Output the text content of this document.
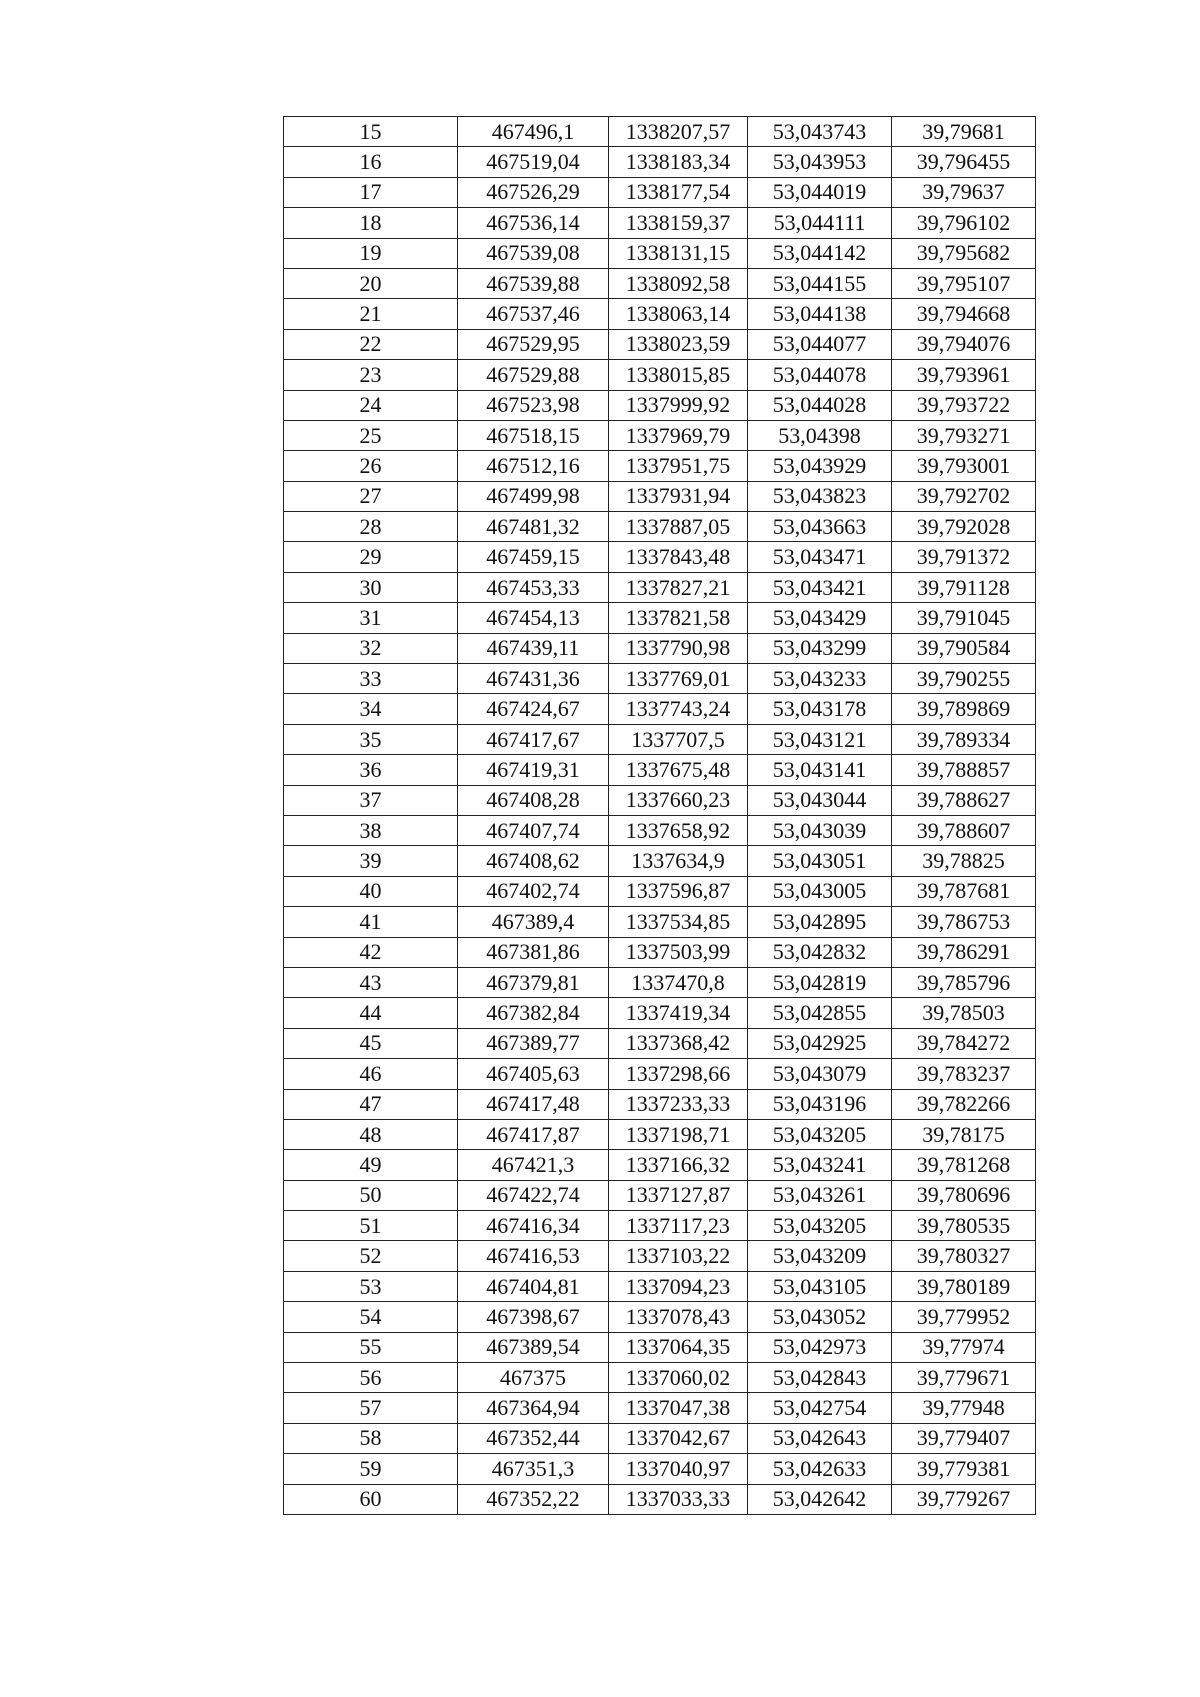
15	467496,1	1338207,57	53,043743	39,79681
16	467519,04	1338183,34	53,043953	39,796455
17	467526,29	1338177,54	53,044019	39,79637
18	467536,14	1338159,37	53,044111	39,796102
19	467539,08	1338131,15	53,044142	39,795682
20	467539,88	1338092,58	53,044155	39,795107
21	467537,46	1338063,14	53,044138	39,794668
22	467529,95	1338023,59	53,044077	39,794076
23	467529,88	1338015,85	53,044078	39,793961
24	467523,98	1337999,92	53,044028	39,793722
25	467518,15	1337969,79	53,04398	39,793271
26	467512,16	1337951,75	53,043929	39,793001
27	467499,98	1337931,94	53,043823	39,792702
28	467481,32	1337887,05	53,043663	39,792028
29	467459,15	1337843,48	53,043471	39,791372
30	467453,33	1337827,21	53,043421	39,791128
31	467454,13	1337821,58	53,043429	39,791045
32	467439,11	1337790,98	53,043299	39,790584
33	467431,36	1337769,01	53,043233	39,790255
34	467424,67	1337743,24	53,043178	39,789869
35	467417,67	1337707,5	53,043121	39,789334
36	467419,31	1337675,48	53,043141	39,788857
37	467408,28	1337660,23	53,043044	39,788627
38	467407,74	1337658,92	53,043039	39,788607
39	467408,62	1337634,9	53,043051	39,78825
40	467402,74	1337596,87	53,043005	39,787681
41	467389,4	1337534,85	53,042895	39,786753
42	467381,86	1337503,99	53,042832	39,786291
43	467379,81	1337470,8	53,042819	39,785796
44	467382,84	1337419,34	53,042855	39,78503
45	467389,77	1337368,42	53,042925	39,784272
46	467405,63	1337298,66	53,043079	39,783237
47	467417,48	1337233,33	53,043196	39,782266
48	467417,87	1337198,71	53,043205	39,78175
49	467421,3	1337166,32	53,043241	39,781268
50	467422,74	1337127,87	53,043261	39,780696
51	467416,34	1337117,23	53,043205	39,780535
52	467416,53	1337103,22	53,043209	39,780327
53	467404,81	1337094,23	53,043105	39,780189
54	467398,67	1337078,43	53,043052	39,779952
55	467389,54	1337064,35	53,042973	39,77974
56	467375	1337060,02	53,042843	39,779671
57	467364,94	1337047,38	53,042754	39,77948
58	467352,44	1337042,67	53,042643	39,779407
59	467351,3	1337040,97	53,042633	39,779381
60	467352,22	1337033,33	53,042642	39,779267
